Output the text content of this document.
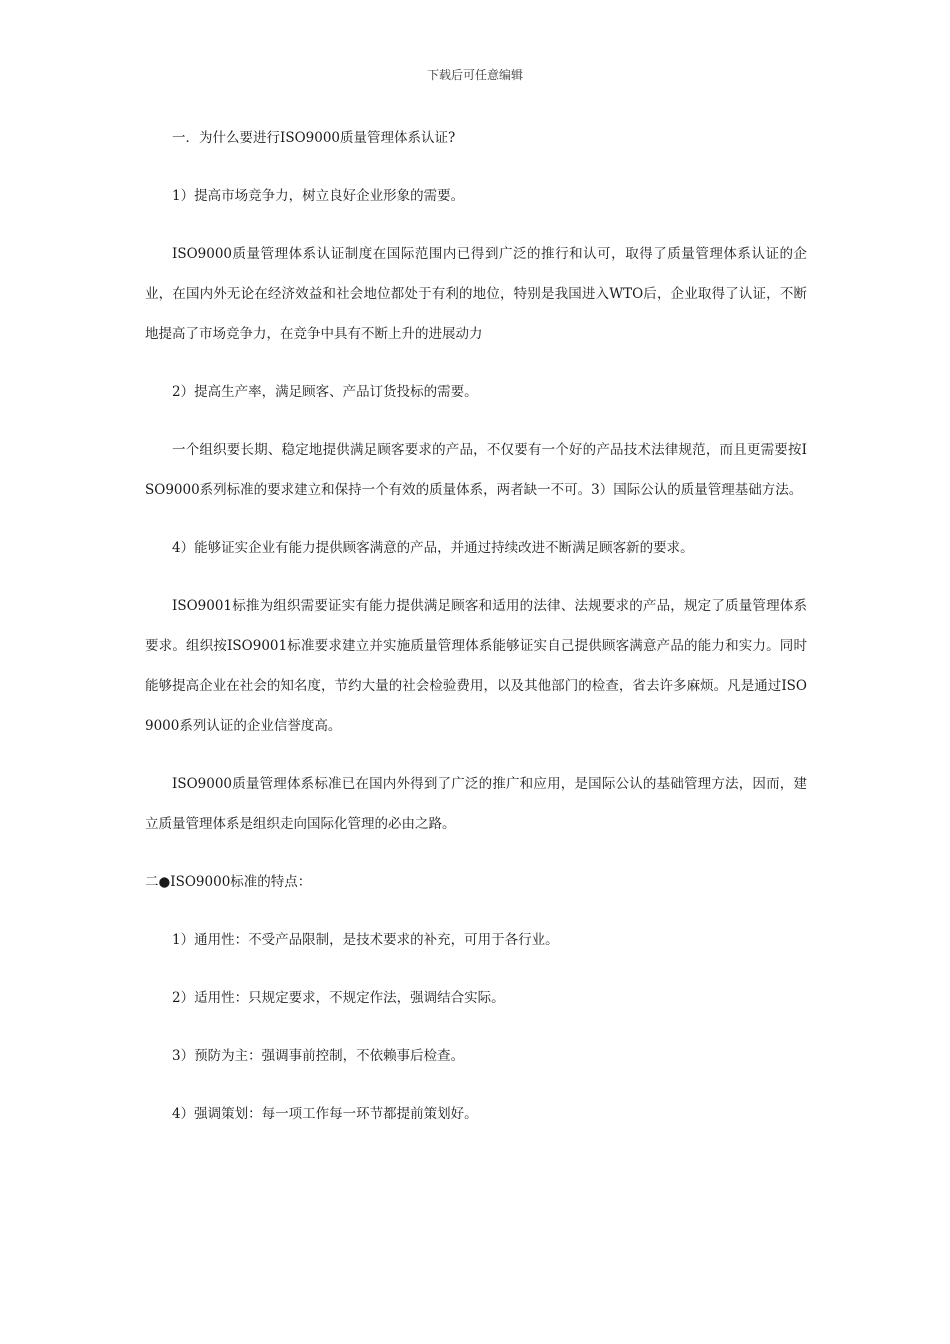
下载后可任意编辑

一．为什么要进行ISO9000质量管理体系认证?

1）提高市场竞争力，树立良好企业形象的需要。

ISO9000质量管理体系认证制度在国际范围内已得到广泛的推行和认可，取得了质量管理体系认证的企业，在国内外无论在经济效益和社会地位都处于有利的地位，特别是我国进入WTO后，企业取得了认证，不断地提高了市场竞争力，在竞争中具有不断上升的进展动力

2）提高生产率，满足顾客、产品订货投标的需要。

一个组织要长期、稳定地提供满足顾客要求的产品，不仅要有一个好的产品技术法律规范，而且更需要按ISO9000系列标准的要求建立和保持一个有效的质量体系，两者缺一不可。3）国际公认的质量管理基础方法。

4）能够证实企业有能力提供顾客满意的产品，并通过持续改进不断满足顾客新的要求。

ISO9001标推为组织需要证实有能力提供满足顾客和适用的法律、法规要求的产品，规定了质量管理体系要求。组织按ISO9001标准要求建立并实施质量管理体系能够证实自己提供顾客满意产品的能力和实力。同时能够提高企业在社会的知名度，节约大量的社会检验费用，以及其他部门的检查，省去许多麻烦。凡是通过ISO9000系列认证的企业信誉度高。

ISO9000质量管理体系标准已在国内外得到了广泛的推广和应用，是国际公认的基础管理方法，因而，建立质量管理体系是组织走向国际化管理的必由之路。

二●ISO9000标准的特点：

1）通用性：不受产品限制，是技术要求的补充，可用于各行业。

2）适用性：只规定要求，不规定作法，强调结合实际。

3）预防为主：强调事前控制，不依赖事后检查。

4）强调策划：每一项工作每一环节都提前策划好。
